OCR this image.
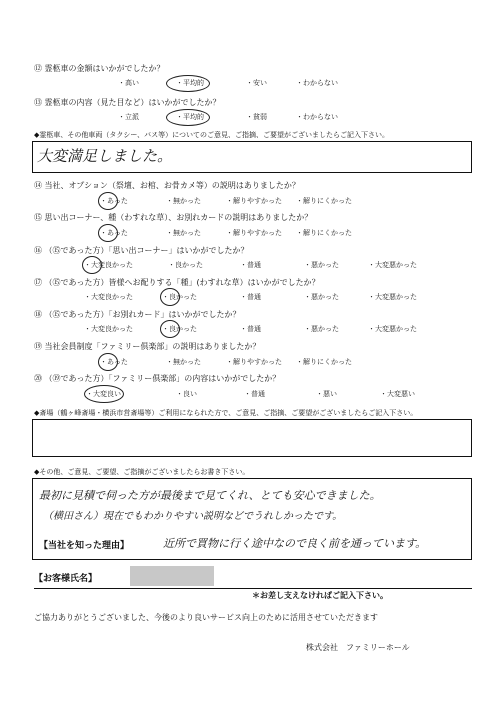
⑫ 霊柩車の金額はいかがでしたか？
・高い	・平均的	・安い	・わからない
⑬ 霊柩車の内容（見た目など）はいかがでしたか？
・立派	・平均的	・貧弱	・わからない
◆霊柩車、その他車両（タクシー、バス等）についてのご意見、ご指摘、ご要望がございましたらご記入下さい。
大変満足しました。
⑭ 当社、オプション（祭壇、お棺、お骨カメ等）の説明はありましたか？
・あった	・無かった	・解りやすかった ・解りにくかった
⑮ 思い出コーナー、種（わすれな草）、お別れカードの説明はありましたか？
・あった	・無かった	・解りやすかった ・解りにくかった
⑯ （⑮であった方）「思い出コーナー」はいかがでしたか？
・大変良かった	・良かった	・普通	・悪かった	・大変悪かった
⑰ （⑮であった方）皆様へお配りする「種」(わすれな草）はいかがでしたか？
・大変良かった	・良かった	・普通	・悪かった	・大変悪かった
⑱ （⑮であった方）「お別れカード」はいかがでしたか？
・大変良かった	・良かった	・普通	・悪かった	・大変悪かった
⑲ 当社会員制度「ファミリー倶楽部」の説明はありましたか？
・あった	・無かった	・解りやすかった ・解りにくかった
⑳ （⑲であった方）「ファミリー倶楽部」の内容はいかがでしたか？
・大変良い	・良い	・普通	・悪い	・大変悪い
◆斎場（鶴ヶ峰斎場・横浜市営斎場等）ご利用になられた方で、ご意見、ご指摘、ご要望がございましたらご記入下さい。
◆その他、ご意見、ご要望、ご指摘がございましたらお書き下さい。
最初に見積で伺った方が最後まで見てくれ、とても安心できました。
（横田さん）現在でもわかりやすい説明などでうれしかったです。
【当社を知った理由】	近所で買物に行く途中なので良く前を通っています。
【お客様氏名】
＊お差し支えなければご記入下さい。
ご協力ありがとうございました、今後のより良いサービス向上のために活用させていただきます
株式会社　ファミリーホール
